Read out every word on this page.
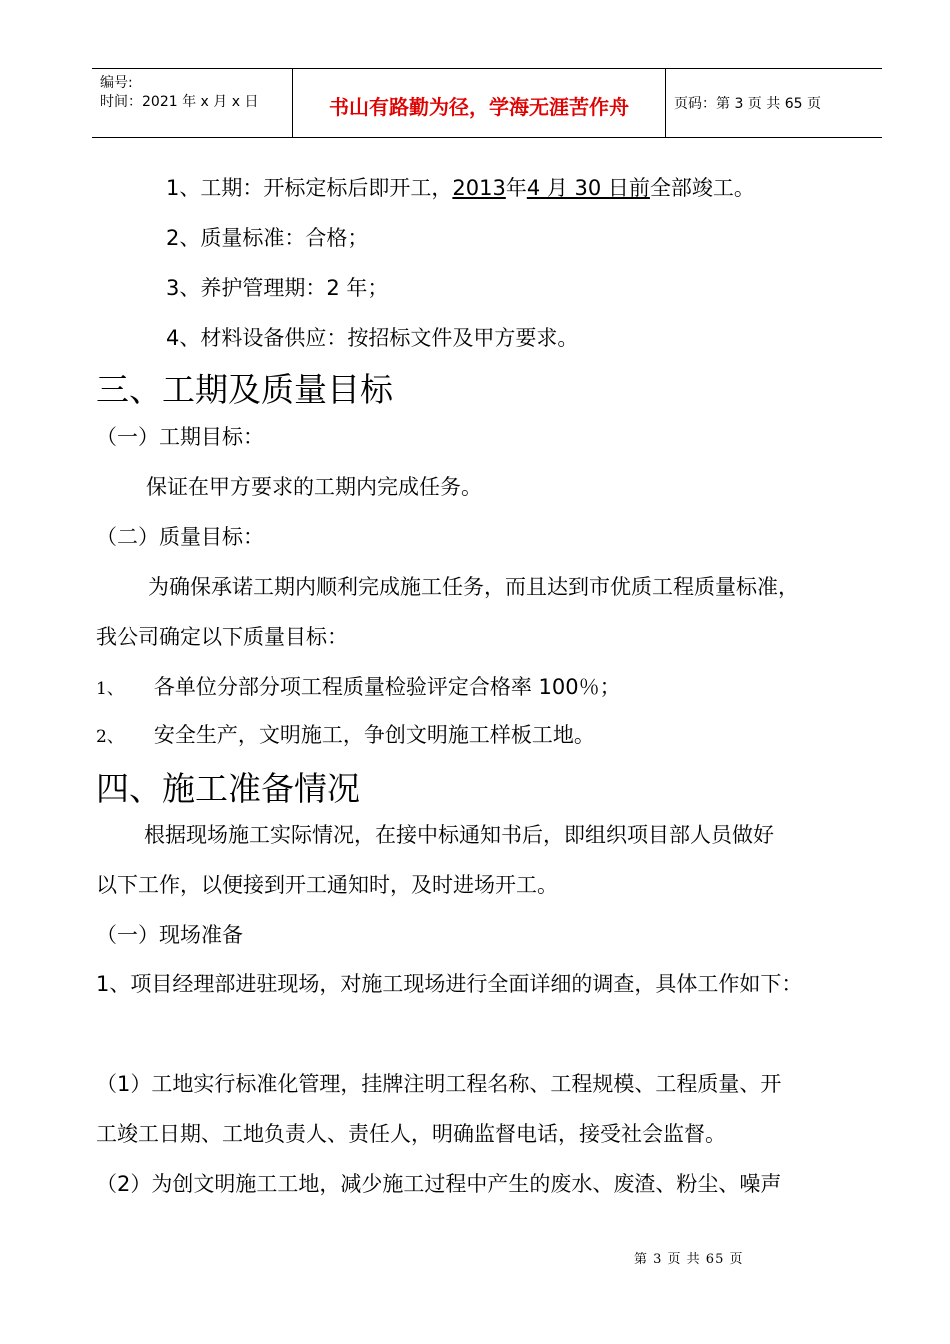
编号:
时间：2021 年 x 月 x 日	书山有路勤为径，学海无涯苦作舟	页码：第 3 页 共 65 页
1、工期：开标定标后即开工，2013年4 月 30 日前全部竣工。
2、质量标准：合格；
3、养护管理期：2 年；
4、材料设备供应：按招标文件及甲方要求。
三、工期及质量目标
（一）工期目标：
保证在甲方要求的工期内完成任务。
（二）质量目标：
为确保承诺工期内顺利完成施工任务，而且达到市优质工程质量标准，
我公司确定以下质量目标：
1、 各单位分部分项工程质量检验评定合格率 100％；
2、 安全生产，文明施工，争创文明施工样板工地。
四、施工准备情况
根据现场施工实际情况，在接中标通知书后，即组织项目部人员做好
以下工作，以便接到开工通知时，及时进场开工。
（一）现场准备
1、项目经理部进驻现场，对施工现场进行全面详细的调查，具体工作如下：
（1）工地实行标准化管理，挂牌注明工程名称、工程规模、工程质量、开
工竣工日期、工地负责人、责任人，明确监督电话，接受社会监督。
（2）为创文明施工工地，减少施工过程中产生的废水、废渣、粉尘、噪声
第 3 页 共 65 页
